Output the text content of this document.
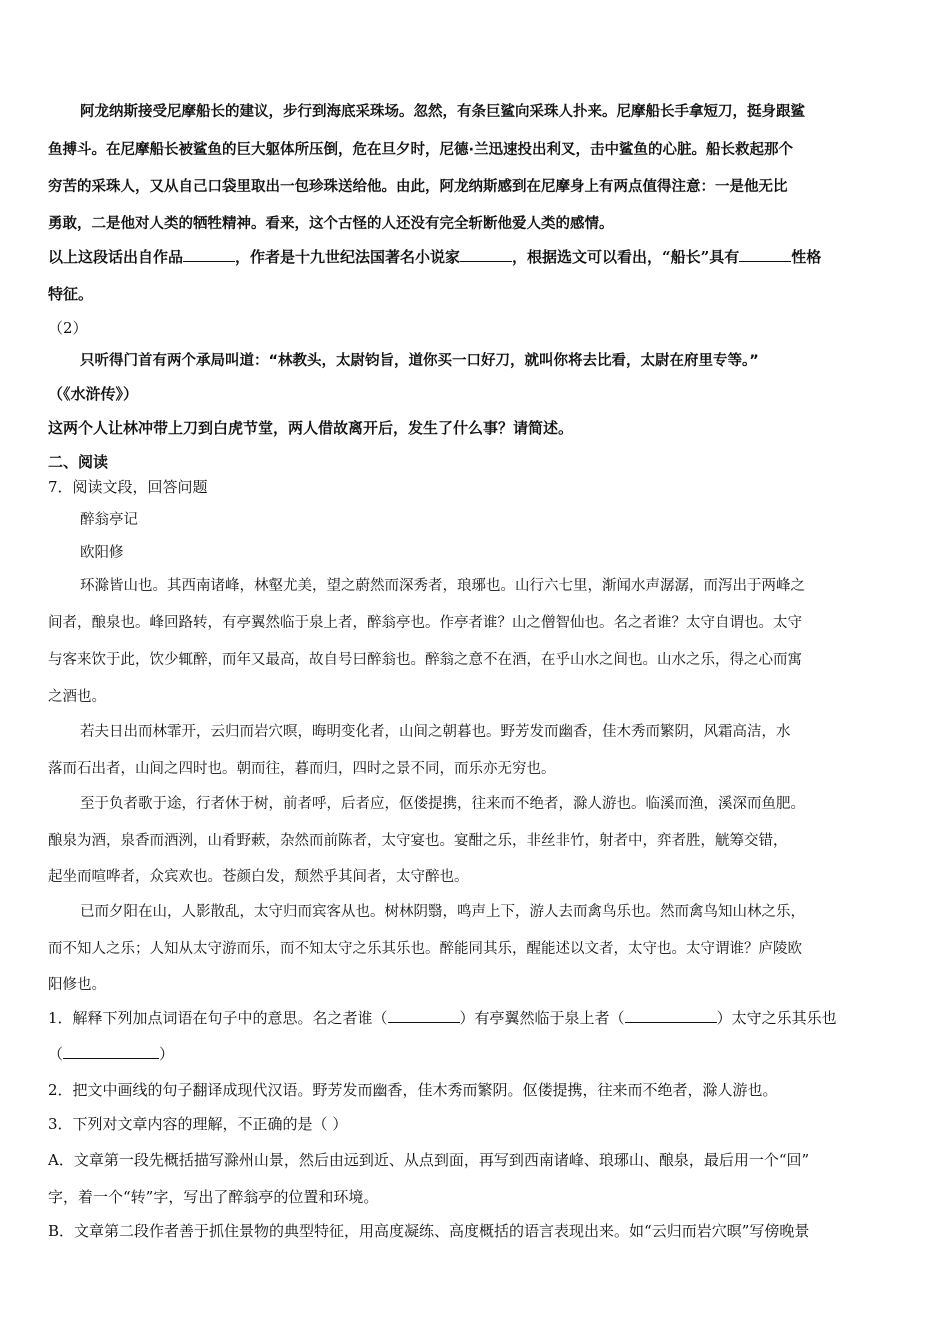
阿龙纳斯接受尼摩船长的建议，步行到海底采珠场。忽然，有条巨鲨向采珠人扑来。尼摩船长手拿短刀，挺身跟鲨
鱼搏斗。在尼摩船长被鲨鱼的巨大躯体所压倒，危在旦夕时，尼德·兰迅速投出利叉，击中鲨鱼的心脏。船长救起那个
穷苦的采珠人，又从自己口袋里取出一包珍珠送给他。由此，阿龙纳斯感到在尼摩身上有两点值得注意：一是他无比
勇敢，二是他对人类的牺牲精神。看来，这个古怪的人还没有完全斩断他爱人类的感情。
以上这段话出自作品	，作者是十九世纪法国著名小说家	，根据选文可以看出，“船长”具有	性格
特征。
（2）
只听得门首有两个承局叫道：“林教头，太尉钧旨，道你买一口好刀，就叫你将去比看，太尉在府里专等。”
（《水浒传》）
这两个人让林冲带上刀到白虎节堂，两人借故离开后，发生了什么事？请简述。
二、阅读
7．阅读文段，回答问题
醉翁亭记
欧阳修
环滁皆山也。其西南诸峰，林壑尤美，望之蔚然而深秀者，琅琊也。山行六七里，渐闻水声潺潺，而泻出于两峰之
间者，酿泉也。峰回路转，有亭翼然临于泉上者，醉翁亭也。作亭者谁？山之僧智仙也。名之者谁？太守自谓也。太守
与客来饮于此，饮少辄醉，而年又最高，故自号曰醉翁也。醉翁之意不在酒，在乎山水之间也。山水之乐，得之心而寓
之酒也。
若夫日出而林霏开，云归而岩穴暝，晦明变化者，山间之朝暮也。野芳发而幽香，佳木秀而繁阴，风霜高洁，水
落而石出者，山间之四时也。朝而往，暮而归，四时之景不同，而乐亦无穷也。
至于负者歌于途，行者休于树，前者呼，后者应，伛偻提携，往来而不绝者，滁人游也。临溪而渔，溪深而鱼肥。
酿泉为酒，泉香而酒洌，山肴野蔌，杂然而前陈者，太守宴也。宴酣之乐，非丝非竹，射者中，弈者胜，觥筹交错，
起坐而喧哗者，众宾欢也。苍颜白发，颓然乎其间者，太守醉也。
已而夕阳在山，人影散乱，太守归而宾客从也。树林阴翳，鸣声上下，游人去而禽鸟乐也。然而禽鸟知山林之乐，
而不知人之乐；人知从太守游而乐，而不知太守之乐其乐也。醉能同其乐，醒能述以文者，太守也。太守谓谁？庐陵欧
阳修也。
1．解释下列加点词语在句子中的意思。名之者谁（	）有亭翼然临于泉上者（	）太守之乐其乐也
（	）
2．把文中画线的句子翻译成现代汉语。野芳发而幽香，佳木秀而繁阴。伛偻提携，往来而不绝者，滁人游也。
3．下列对文章内容的理解，不正确的是（ ）
A．文章第一段先概括描写滁州山景，然后由远到近、从点到面，再写到西南诸峰、琅琊山、酿泉，最后用一个“回”
字，着一个“转”字，写出了醉翁亭的位置和环境。
B．文章第二段作者善于抓住景物的典型特征，用高度凝练、高度概括的语言表现出来。如“云归而岩穴暝”写傍晚景
